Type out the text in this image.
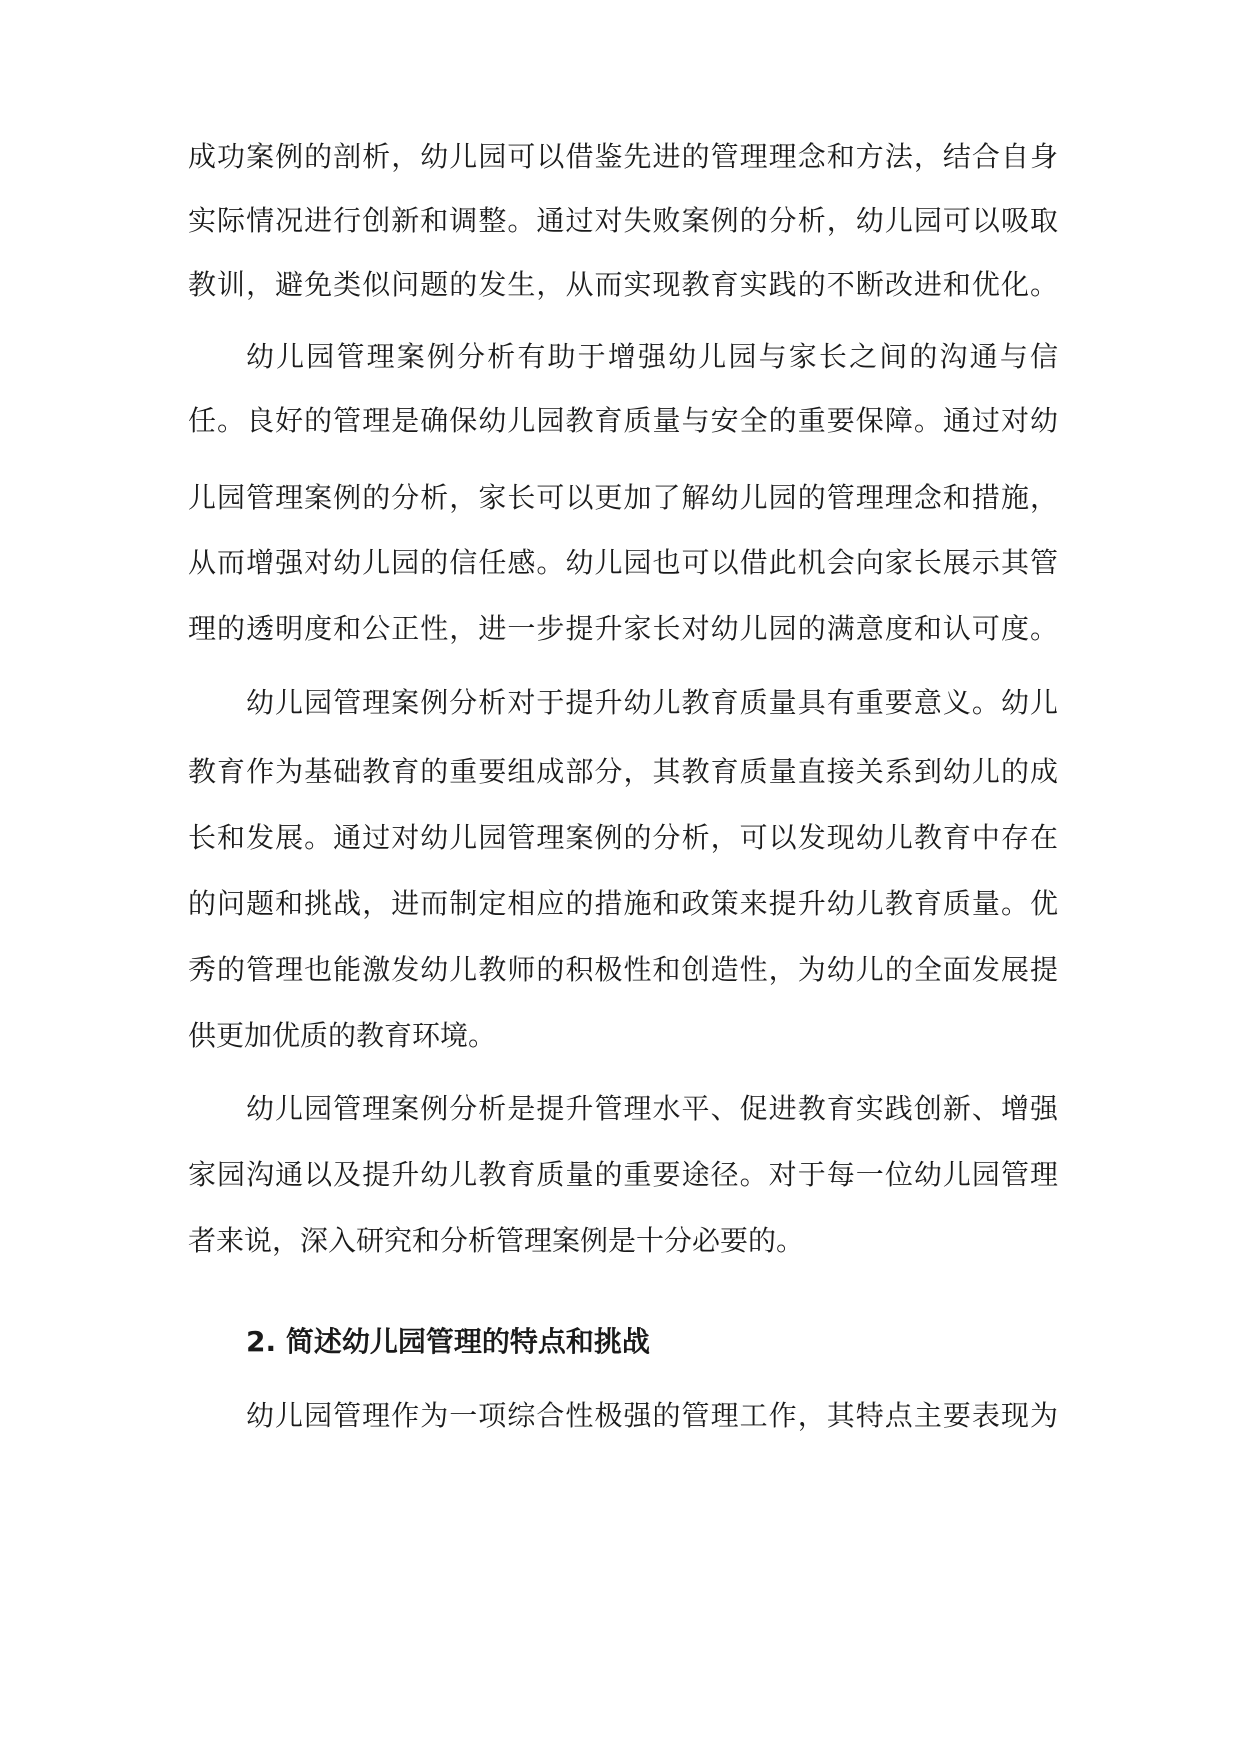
成功案例的剖析，幼儿园可以借鉴先进的管理理念和方法，结合自身
实际情况进行创新和调整。通过对失败案例的分析，幼儿园可以吸取
教训，避免类似问题的发生，从而实现教育实践的不断改进和优化。
幼儿园管理案例分析有助于增强幼儿园与家长之间的沟通与信
任。良好的管理是确保幼儿园教育质量与安全的重要保障。通过对幼
儿园管理案例的分析，家长可以更加了解幼儿园的管理理念和措施，
从而增强对幼儿园的信任感。幼儿园也可以借此机会向家长展示其管
理的透明度和公正性，进一步提升家长对幼儿园的满意度和认可度。
幼儿园管理案例分析对于提升幼儿教育质量具有重要意义。幼儿
教育作为基础教育的重要组成部分，其教育质量直接关系到幼儿的成
长和发展。通过对幼儿园管理案例的分析，可以发现幼儿教育中存在
的问题和挑战，进而制定相应的措施和政策来提升幼儿教育质量。优
秀的管理也能激发幼儿教师的积极性和创造性，为幼儿的全面发展提
供更加优质的教育环境。
幼儿园管理案例分析是提升管理水平、促进教育实践创新、增强
家园沟通以及提升幼儿教育质量的重要途径。对于每一位幼儿园管理
者来说，深入研究和分析管理案例是十分必要的。
2. 简述幼儿园管理的特点和挑战
幼儿园管理作为一项综合性极强的管理工作，其特点主要表现为
